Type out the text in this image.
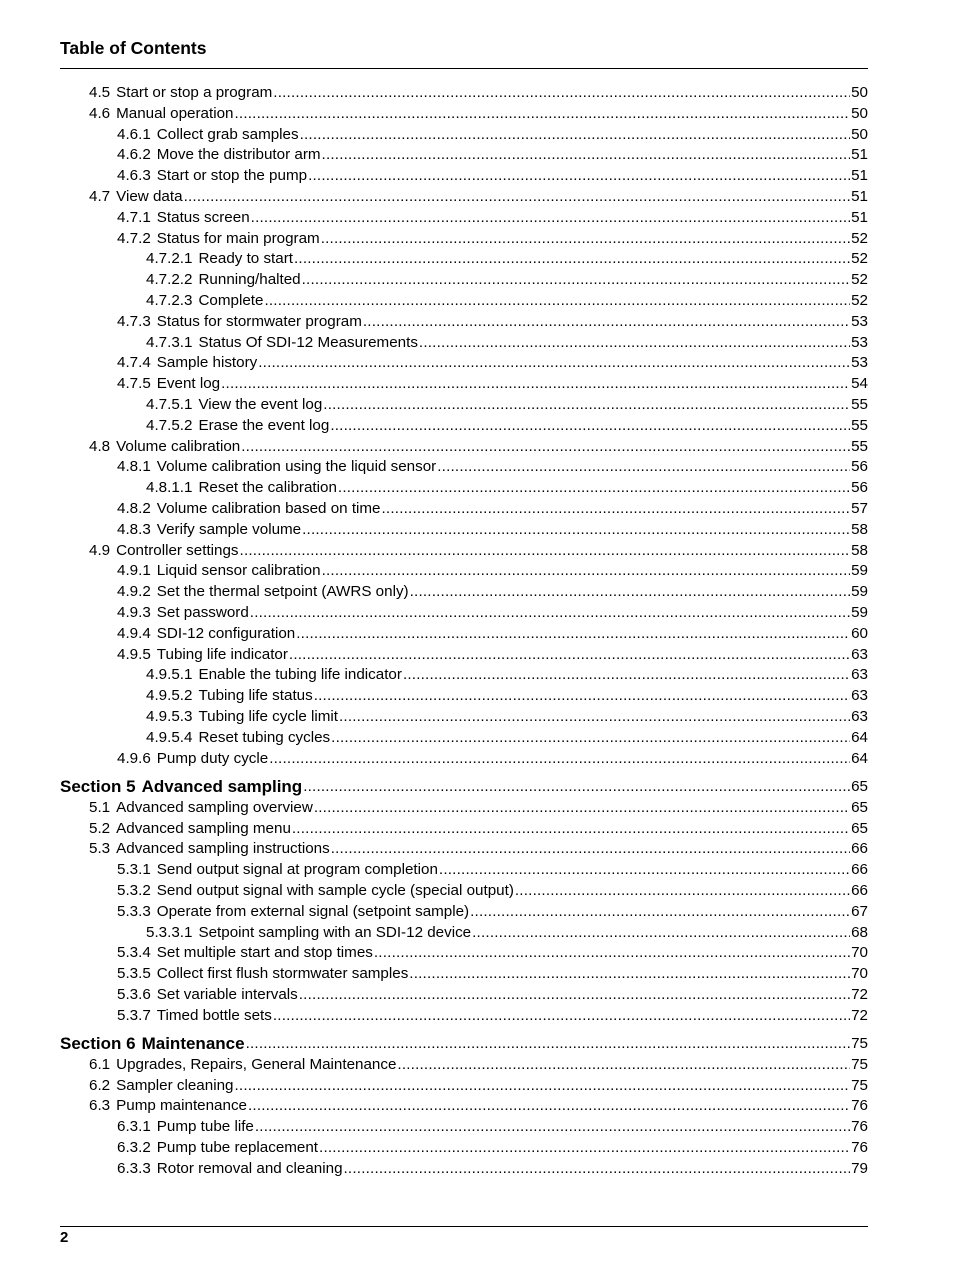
Table of Contents
4.5 Start or stop a program .....	50
4.6 Manual operation .....	50
4.6.1 Collect grab samples .....	50
4.6.2 Move the distributor arm .....	51
4.6.3 Start or stop the pump .....	51
4.7 View data .....	51
4.7.1 Status screen .....	51
4.7.2 Status for main program .....	52
4.7.2.1 Ready to start .....	52
4.7.2.2 Running/halted .....	52
4.7.2.3 Complete .....	52
4.7.3 Status for stormwater program .....	53
4.7.3.1 Status Of SDI-12 Measurements .....	53
4.7.4 Sample history .....	53
4.7.5 Event log .....	54
4.7.5.1 View the event log .....	55
4.7.5.2 Erase the event log .....	55
4.8 Volume calibration .....	55
4.8.1 Volume calibration using the liquid sensor .....	56
4.8.1.1 Reset the calibration .....	56
4.8.2 Volume calibration based on time .....	57
4.8.3 Verify sample volume .....	58
4.9 Controller settings .....	58
4.9.1 Liquid sensor calibration .....	59
4.9.2 Set the thermal setpoint (AWRS only) .....	59
4.9.3 Set password .....	59
4.9.4 SDI-12 configuration .....	60
4.9.5 Tubing life indicator .....	63
4.9.5.1 Enable the tubing life indicator .....	63
4.9.5.2 Tubing life status .....	63
4.9.5.3 Tubing life cycle limit .....	63
4.9.5.4 Reset tubing cycles .....	64
4.9.6 Pump duty cycle .....	64
Section 5 Advanced sampling .....	65
5.1 Advanced sampling overview .....	65
5.2 Advanced sampling menu .....	65
5.3 Advanced sampling instructions .....	66
5.3.1 Send output signal at program completion .....	66
5.3.2 Send output signal with sample cycle (special output) .....	66
5.3.3 Operate from external signal (setpoint sample) .....	67
5.3.3.1 Setpoint sampling with an SDI-12 device .....	68
5.3.4 Set multiple start and stop times .....	70
5.3.5 Collect first flush stormwater samples .....	70
5.3.6 Set variable intervals .....	72
5.3.7 Timed bottle sets .....	72
Section 6 Maintenance .....	75
6.1 Upgrades, Repairs, General Maintenance .....	75
6.2 Sampler cleaning .....	75
6.3 Pump maintenance .....	76
6.3.1 Pump tube life .....	76
6.3.2 Pump tube replacement .....	76
6.3.3 Rotor removal and cleaning .....	79
2
